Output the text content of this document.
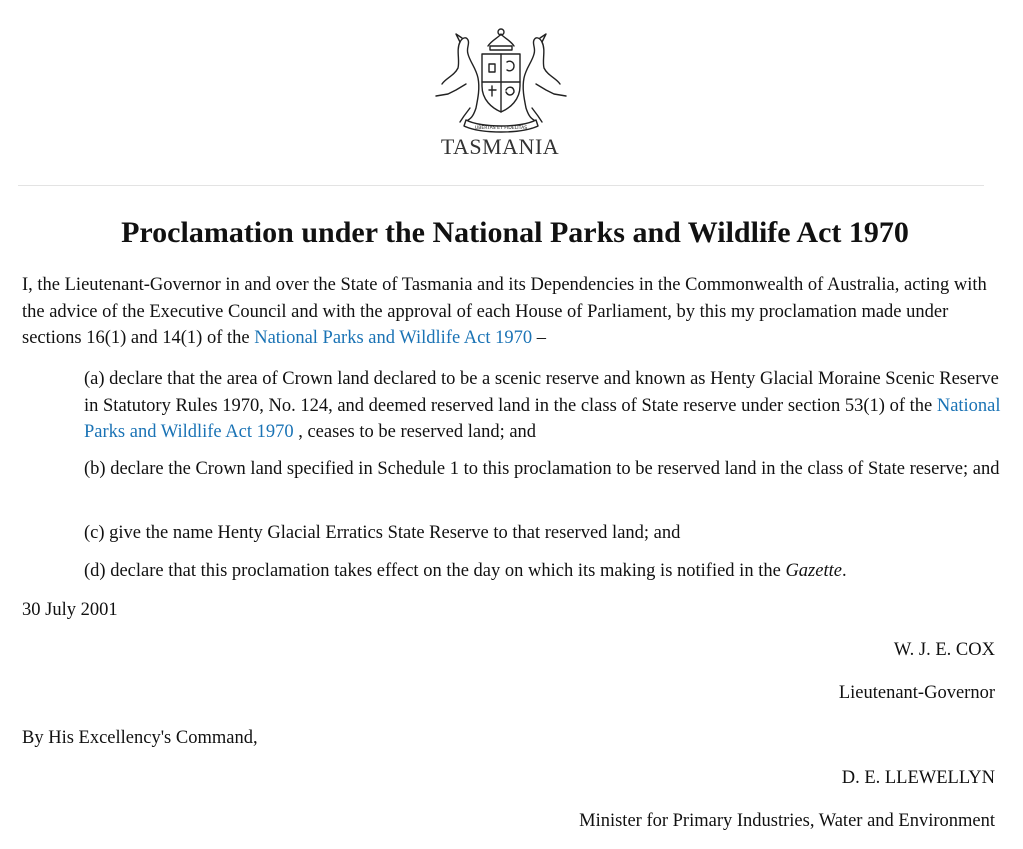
UBERTAS ET FIDELITAS
TASMANIA
Proclamation under the National Parks and Wildlife Act 1970

I, the Lieutenant-Governor in and over the State of Tasmania and its Dependencies in the Commonwealth of Australia, acting with the advice of the Executive Council and with the approval of each House of Parliament, by this my proclamation made under sections 16(1) and 14(1) of the National Parks and Wildlife Act 1970 –

(a) declare that the area of Crown land declared to be a scenic reserve and known as Henty Glacial Moraine Scenic Reserve in Statutory Rules 1970, No. 124, and deemed reserved land in the class of State reserve under section 53(1) of the National Parks and Wildlife Act 1970 , ceases to be reserved land; and

(b) declare the Crown land specified in Schedule 1 to this proclamation to be reserved land in the class of State reserve; and

(c) give the name Henty Glacial Erratics State Reserve to that reserved land; and

(d) declare that this proclamation takes effect on the day on which its making is notified in the Gazette.

30 July 2001

W. J. E. COX

Lieutenant-Governor

By His Excellency's Command,

D. E. LLEWELLYN

Minister for Primary Industries, Water and Environment
